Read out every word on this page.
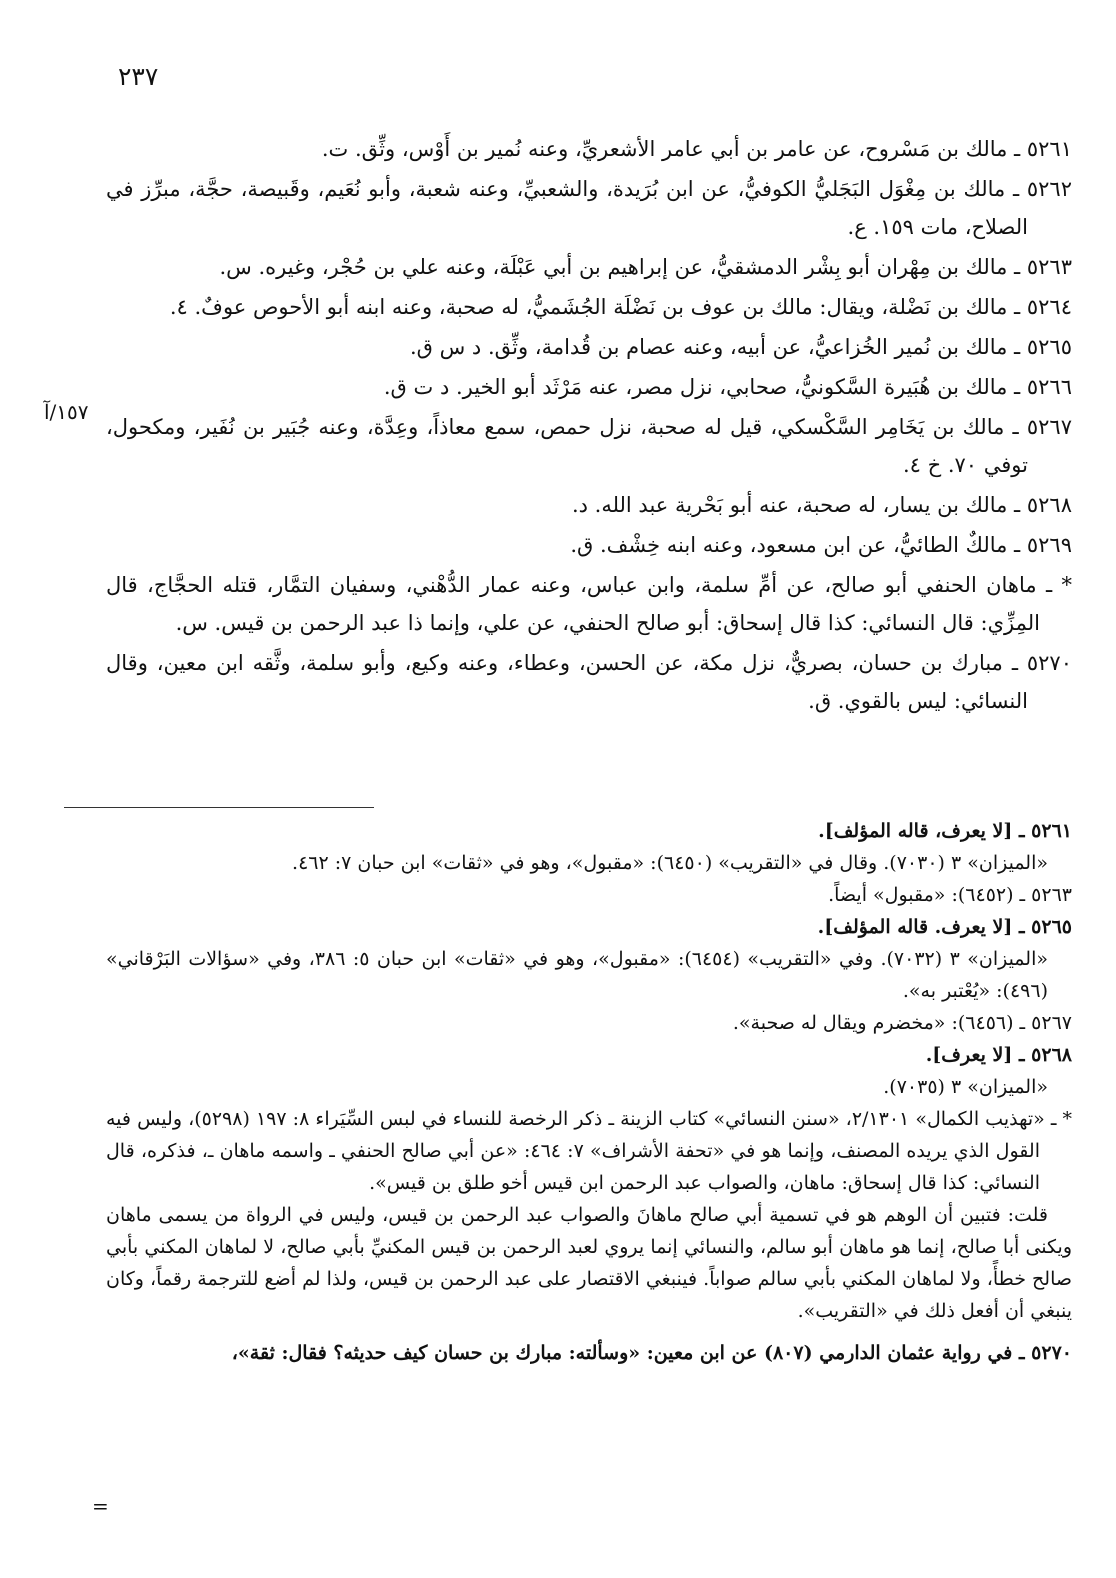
٢٣٧
١٥٧/آ

٥٢٦١ ـ مالك بن مَسْروح، عن عامر بن أبي عامر الأشعريِّ، وعنه نُمير بن أَوْس، وثِّق. ت.

٥٢٦٢ ـ مالك بن مِغْوَل البَجَليُّ الكوفيُّ، عن ابن بُرَيدة، والشعبيِّ، وعنه شعبة، وأبو نُعَيم، وقَبيصة، حجَّة، مبرِّز في الصلاح، مات ١٥٩. ع.

٥٢٦٣ ـ مالك بن مِهْران أبو بِشْر الدمشقيُّ، عن إبراهيم بن أبي عَبْلَة، وعنه علي بن حُجْر، وغيره. س.

٥٢٦٤ ـ مالك بن نَضْلة، ويقال: مالك بن عوف بن نَضْلَة الجُشَميُّ، له صحبة، وعنه ابنه أبو الأحوص عوفٌ. ٤.

٥٢٦٥ ـ مالك بن نُمير الخُزاعيُّ، عن أبيه، وعنه عصام بن قُدامة، وثِّق. د س ق.

٥٢٦٦ ـ مالك بن هُبَيرة السَّكونيُّ، صحابي، نزل مصر، عنه مَرْثَد أبو الخير. د ت ق.

٥٢٦٧ ـ مالك بن يَخَامِر السَّكْسكي، قيل له صحبة، نزل حمص، سمع معاذاً، وعِدَّة، وعنه جُبَير بن نُفَير، ومكحول، توفي ٧٠. خ ٤.

٥٢٦٨ ـ مالك بن يسار، له صحبة، عنه أبو بَحْرية عبد الله. د.

٥٢٦٩ ـ مالكٌ الطائيُّ، عن ابن مسعود، وعنه ابنه خِشْف. ق.

* ـ ماهان الحنفي أبو صالح، عن أمِّ سلمة، وابن عباس، وعنه عمار الدُّهْني، وسفيان التمَّار، قتله الحجَّاج، قال المِزِّي: قال النسائي: كذا قال إسحاق: أبو صالح الحنفي، عن علي، وإنما ذا عبد الرحمن بن قيس. س.

٥٢٧٠ ـ مبارك بن حسان، بصريٌّ، نزل مكة، عن الحسن، وعطاء، وعنه وكيع، وأبو سلمة، وثَّقه ابن معين، وقال النسائي: ليس بالقوي. ق.

٥٢٦١ ـ [لا يعرف، قاله المؤلف].

«الميزان» ٣ (٧٠٣٠). وقال في «التقريب» (٦٤٥٠): «مقبول»، وهو في «ثقات» ابن حبان ٧: ٤٦٢.

٥٢٦٣ ـ (٦٤٥٢): «مقبول» أيضاً.

٥٢٦٥ ـ [لا يعرف. قاله المؤلف].

«الميزان» ٣ (٧٠٣٢). وفي «التقريب» (٦٤٥٤): «مقبول»، وهو في «ثقات» ابن حبان ٥: ٣٨٦، وفي «سؤالات البَرْقاني» (٤٩٦): «يُعْتبر به».

٥٢٦٧ ـ (٦٤٥٦): «مخضرم ويقال له صحبة».

٥٢٦٨ ـ [لا يعرف].

«الميزان» ٣ (٧٠٣٥).

* ـ «تهذيب الكمال» ٢/١٣٠١، «سنن النسائي» كتاب الزينة ـ ذكر الرخصة للنساء في لبس السِّيَراء ٨: ١٩٧ (٥٢٩٨)، وليس فيه القول الذي يريده المصنف، وإنما هو في «تحفة الأشراف» ٧: ٤٦٤: «عن أبي صالح الحنفي ـ واسمه ماهان ـ، فذكره، قال النسائي: كذا قال إسحاق: ماهان، والصواب عبد الرحمن ابن قيس أخو طلق بن قيس».

قلت: فتبين أن الوهم هو في تسمية أبي صالح ماهانَ والصواب عبد الرحمن بن قيس، وليس في الرواة من يسمى ماهان ويكنى أبا صالح، إنما هو ماهان أبو سالم، والنسائي إنما يروي لعبد الرحمن بن قيس المكنيِّ بأبي صالح، لا لماهان المكني بأبي صالح خطأً، ولا لماهان المكني بأبي سالم صواباً. فينبغي الاقتصار على عبد الرحمن بن قيس، ولذا لم أضع للترجمة رقماً، وكان ينبغي أن أفعل ذلك في «التقريب».

٥٢٧٠ ـ في رواية عثمان الدارمي (٨٠٧) عن ابن معين: «وسألته: مبارك بن حسان كيف حديثه؟ فقال: ثقة»،

=
